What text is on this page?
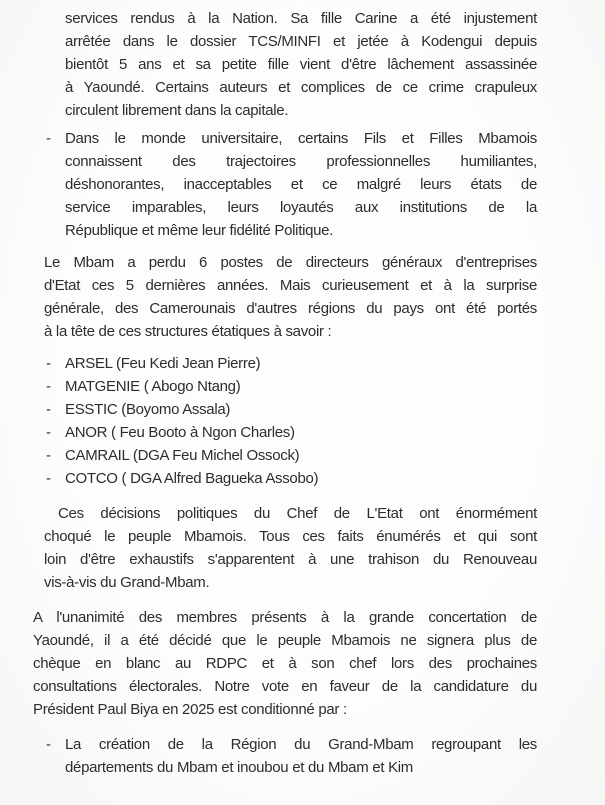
services rendus à la Nation. Sa fille Carine a été injustement
arrêtée dans le dossier TCS/MINFI et jetée à Kodengui depuis
bientôt 5 ans et sa petite fille vient d'être lâchement assassinée
à Yaoundé. Certains auteurs et complices de ce crime crapuleux
circulent librement dans la capitale.
- Dans le monde universitaire, certains Fils et Filles Mbamois
connaissent des trajectoires professionnelles humiliantes,
déshonorantes, inacceptables et ce malgré leurs états de
service imparables, leurs loyautés aux institutions de la
République et même leur fidélité Politique.
Le Mbam a perdu 6 postes de directeurs généraux d'entreprises
d'Etat ces 5 dernières années. Mais curieusement et à la surprise
générale, des Camerounais d'autres régions du pays ont été portés
à la tête de ces structures étatiques à savoir :
- ARSEL (Feu Kedi Jean Pierre)
- MATGENIE ( Abogo Ntang)
- ESSTIC (Boyomo Assala)
- ANOR ( Feu Booto à Ngon Charles)
- CAMRAIL (DGA Feu Michel Ossock)
- COTCO ( DGA Alfred Bagueka Assobo)
Ces décisions politiques du Chef de L'Etat ont énormément
choqué le peuple Mbamois. Tous ces faits énumérés et qui sont
loin d'être exhaustifs s'apparentent à une trahison du Renouveau
vis-à-vis du Grand-Mbam.
A l'unanimité des membres présents à la grande concertation de
Yaoundé, il a été décidé que le peuple Mbamois ne signera plus de
chèque en blanc au RDPC et à son chef lors des prochaines
consultations électorales. Notre vote en faveur de la candidature du
Président Paul Biya en 2025 est conditionné par :
- La création de la Région du Grand-Mbam regroupant les
départements du Mbam et inoubou et du Mbam et Kim
